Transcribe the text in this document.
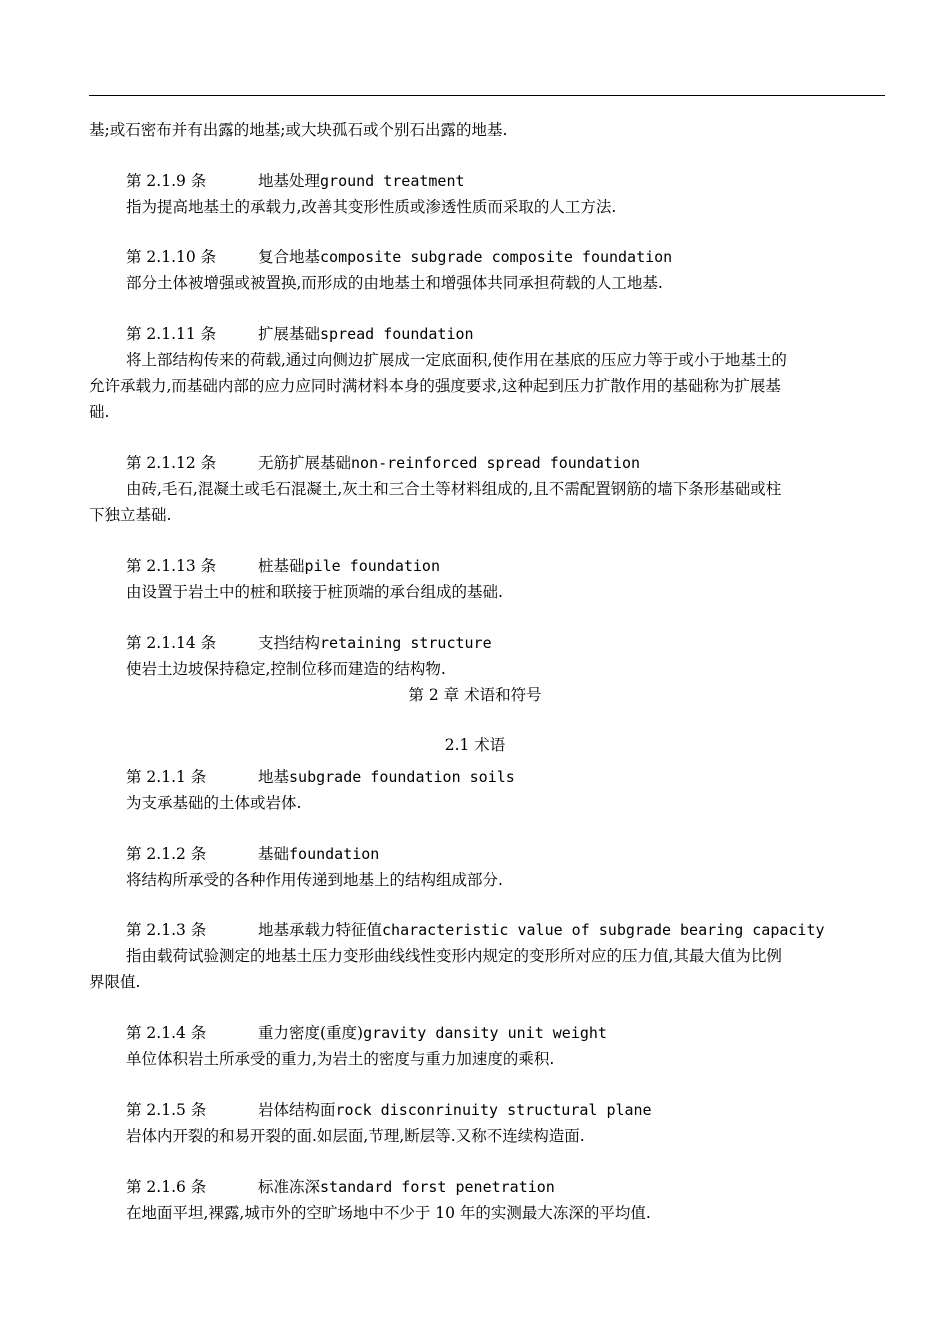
基;或石密布并有出露的地基;或大块孤石或个别石出露的地基.
第 2.1.9 条	地基处理ground treatment
指为提高地基土的承载力,改善其变形性质或渗透性质而采取的人工方法.
第 2.1.10 条	复合地基composite subgrade composite foundation
部分土体被增强或被置换,而形成的由地基土和增强体共同承担荷载的人工地基.
第 2.1.11 条	扩展基础spread foundation
将上部结构传来的荷载,通过向侧边扩展成一定底面积,使作用在基底的压应力等于或小于地基土的
允许承载力,而基础内部的应力应同时满材料本身的强度要求,这种起到压力扩散作用的基础称为扩展基
础.
第 2.1.12 条	无筋扩展基础non-reinforced spread foundation
由砖,毛石,混凝土或毛石混凝土,灰土和三合土等材料组成的,且不需配置钢筋的墙下条形基础或柱
下独立基础.
第 2.1.13 条	桩基础pile foundation
由设置于岩土中的桩和联接于桩顶端的承台组成的基础.
第 2.1.14 条	支挡结构retaining structure
使岩土边坡保持稳定,控制位移而建造的结构物.
第 2 章 术语和符号
2.1 术语
第 2.1.1 条	地基subgrade foundation soils
为支承基础的土体或岩体.
第 2.1.2 条	基础foundation
将结构所承受的各种作用传递到地基上的结构组成部分.
第 2.1.3 条	地基承载力特征值characteristic value of subgrade bearing capacity
指由载荷试验测定的地基土压力变形曲线线性变形内规定的变形所对应的压力值,其最大值为比例
界限值.
第 2.1.4 条	重力密度(重度)gravity dansity unit weight
单位体积岩土所承受的重力,为岩土的密度与重力加速度的乘积.
第 2.1.5 条	岩体结构面rock disconrinuity structural plane
岩体内开裂的和易开裂的面.如层面,节理,断层等.又称不连续构造面.
第 2.1.6 条	标准冻深standard forst penetration
在地面平坦,裸露,城市外的空旷场地中不少于 10 年的实测最大冻深的平均值.
